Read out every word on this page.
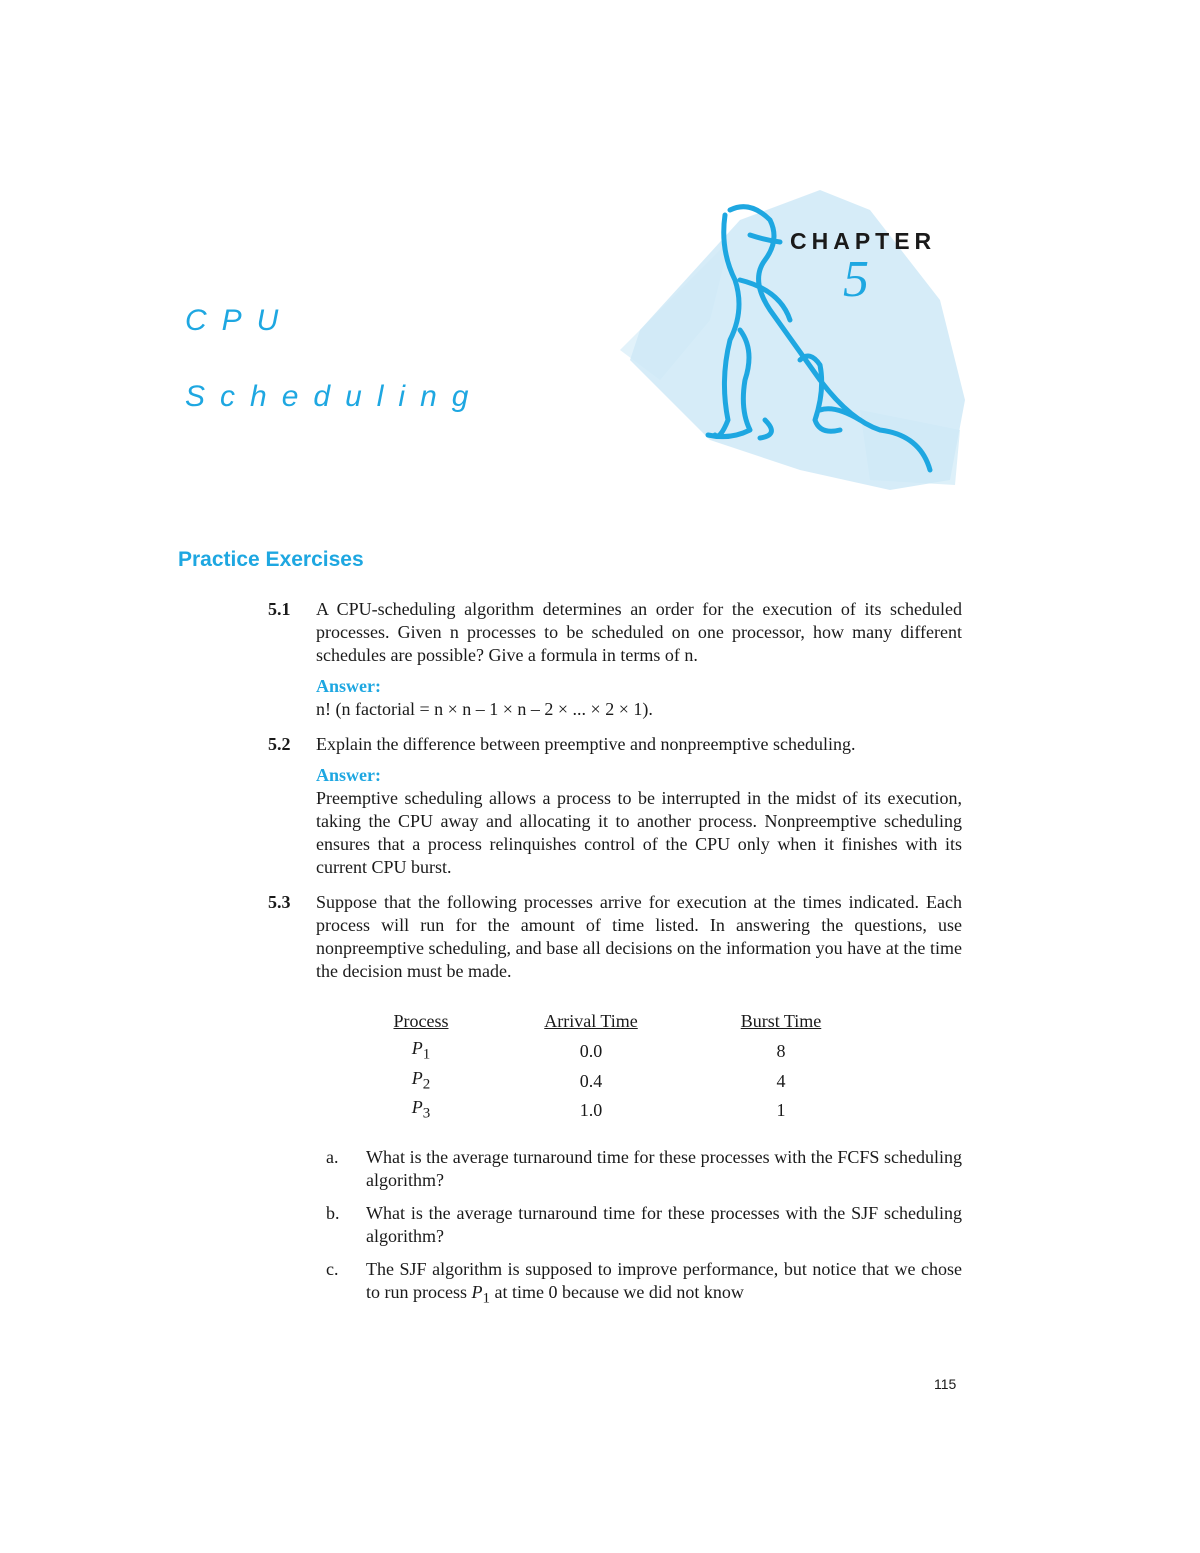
CHAPTER
5
CPU
Scheduling
Practice Exercises
5.1	A CPU-scheduling algorithm determines an order for the execution of its scheduled processes. Given n processes to be scheduled on one processor, how many different schedules are possible? Give a formula in terms of n.

Answer:

n! (n factorial = n × n – 1 × n – 2 × ... × 2 × 1).

5.2	Explain the difference between preemptive and nonpreemptive scheduling.

Answer:

Preemptive scheduling allows a process to be interrupted in the midst of its execution, taking the CPU away and allocating it to another process. Nonpreemptive scheduling ensures that a process relinquishes control of the CPU only when it finishes with its current CPU burst.

5.3	Suppose that the following processes arrive for execution at the times indicated. Each process will run for the amount of time listed. In answering the questions, use nonpreemptive scheduling, and base all decisions on the information you have at the time the decision must be made.

Process	Arrival Time	Burst Time
$P_1$	0.0	8
$P_2$	0.4	4
$P_3$	1.0	1
a.	What is the average turnaround time for these processes with the FCFS scheduling algorithm?
b.	What is the average turnaround time for these processes with the SJF scheduling algorithm?
c.	The SJF algorithm is supposed to improve performance, but notice that we chose to run process $P_1$ at time 0 because we did not know
115
